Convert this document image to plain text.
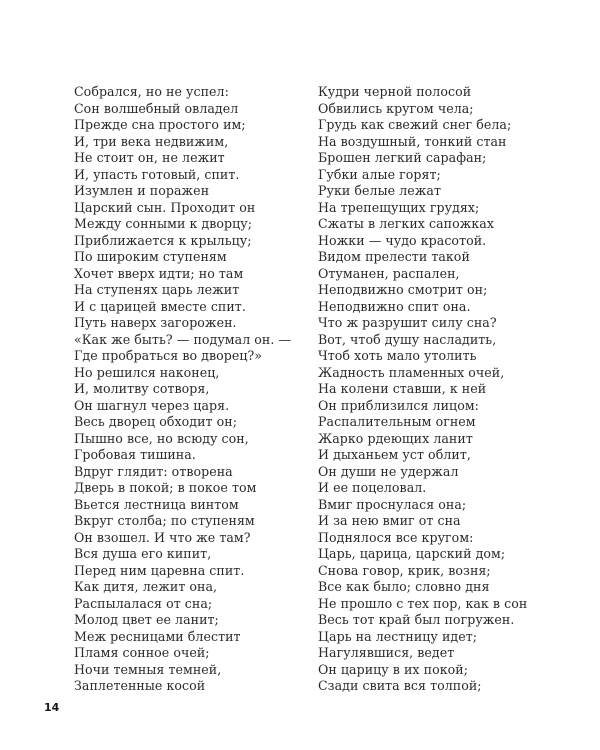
Собрался, но не успел:
Сон волшебный овладел
Прежде сна простого им;
И, три века недвижим,
Не стоит он, не лежит
И, упасть готовый, спит.
Изумлен и поражен
Царский сын. Проходит он
Между сонными к дворцу;
Приближается к крыльцу;
По широким ступеням
Хочет вверх идти; но там
На ступенях царь лежит
И с царицей вместе спит.
Путь наверх загорожен.
«Как же быть? — подумал он. —
Где пробраться во дворец?»
Но решился наконец,
И, молитву сотворя,
Он шагнул через царя.
Весь дворец обходит он;
Пышно все, но всюду сон,
Гробовая тишина.
Вдруг глядит: отворена
Дверь в покой; в покое том
Вьется лестница винтом
Вкруг столба; по ступеням
Он взошел. И что же там?
Вся душа его кипит,
Перед ним царевна спит.
Как дитя, лежит она,
Распылалася от сна;
Молод цвет ее ланит;
Меж ресницами блестит
Пламя сонное очей;
Ночи темныя темней,
Заплетенные косой
Кудри черной полосой
Обвились кругом чела;
Грудь как свежий снег бела;
На воздушный, тонкий стан
Брошен легкий сарафан;
Губки алые горят;
Руки белые лежат
На трепещущих грудях;
Сжаты в легких сапожках
Ножки — чудо красотой.
Видом прелести такой
Отуманен, распален,
Неподвижно смотрит он;
Неподвижно спит она.
Что ж разрушит силу сна?
Вот, чтоб душу насладить,
Чтоб хоть мало утолить
Жадность пламенных очей,
На колени ставши, к ней
Он приблизился лицом:
Распалительным огнем
Жарко рдеющих ланит
И дыханьем уст облит,
Он души не удержал
И ее поцеловал.
Вмиг проснулася она;
И за нею вмиг от сна
Поднялося все кругом:
Царь, царица, царский дом;
Снова говор, крик, возня;
Все как было; словно дня
Не прошло с тех пор, как в сон
Весь тот край был погружен.
Царь на лестницу идет;
Нагулявшися, ведет
Он царицу в их покой;
Сзади свита вся толпой;
14
